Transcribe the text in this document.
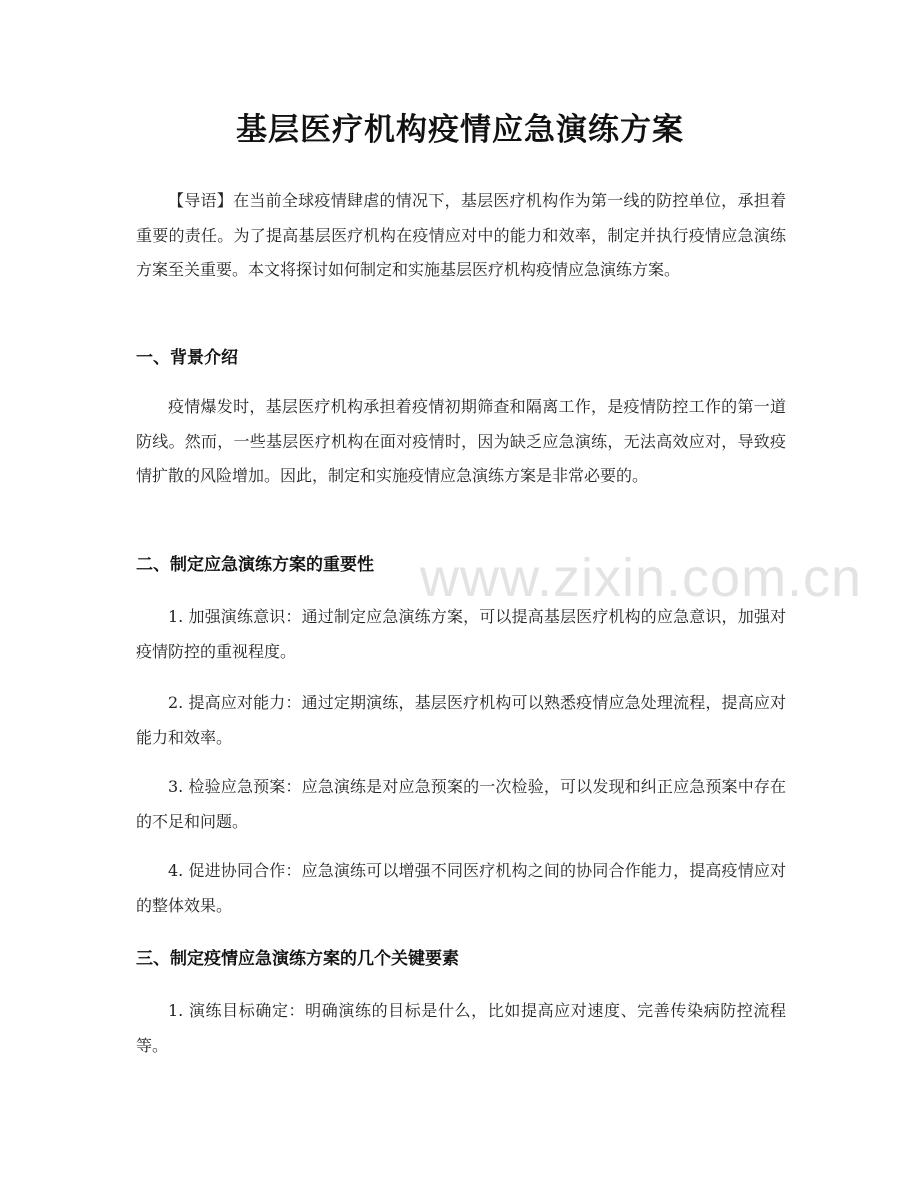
www.zixin.com.cn
基层医疗机构疫情应急演练方案

【导语】在当前全球疫情肆虐的情况下，基层医疗机构作为第一线的防控单位，承担着重要的责任。为了提高基层医疗机构在疫情应对中的能力和效率，制定并执行疫情应急演练方案至关重要。本文将探讨如何制定和实施基层医疗机构疫情应急演练方案。

一、背景介绍

疫情爆发时，基层医疗机构承担着疫情初期筛查和隔离工作，是疫情防控工作的第一道防线。然而，一些基层医疗机构在面对疫情时，因为缺乏应急演练，无法高效应对，导致疫情扩散的风险增加。因此，制定和实施疫情应急演练方案是非常必要的。

二、制定应急演练方案的重要性

1. 加强演练意识：通过制定应急演练方案，可以提高基层医疗机构的应急意识，加强对疫情防控的重视程度。

2. 提高应对能力：通过定期演练，基层医疗机构可以熟悉疫情应急处理流程，提高应对能力和效率。

3. 检验应急预案：应急演练是对应急预案的一次检验，可以发现和纠正应急预案中存在的不足和问题。

4. 促进协同合作：应急演练可以增强不同医疗机构之间的协同合作能力，提高疫情应对的整体效果。

三、制定疫情应急演练方案的几个关键要素

1. 演练目标确定：明确演练的目标是什么，比如提高应对速度、完善传染病防控流程等。
